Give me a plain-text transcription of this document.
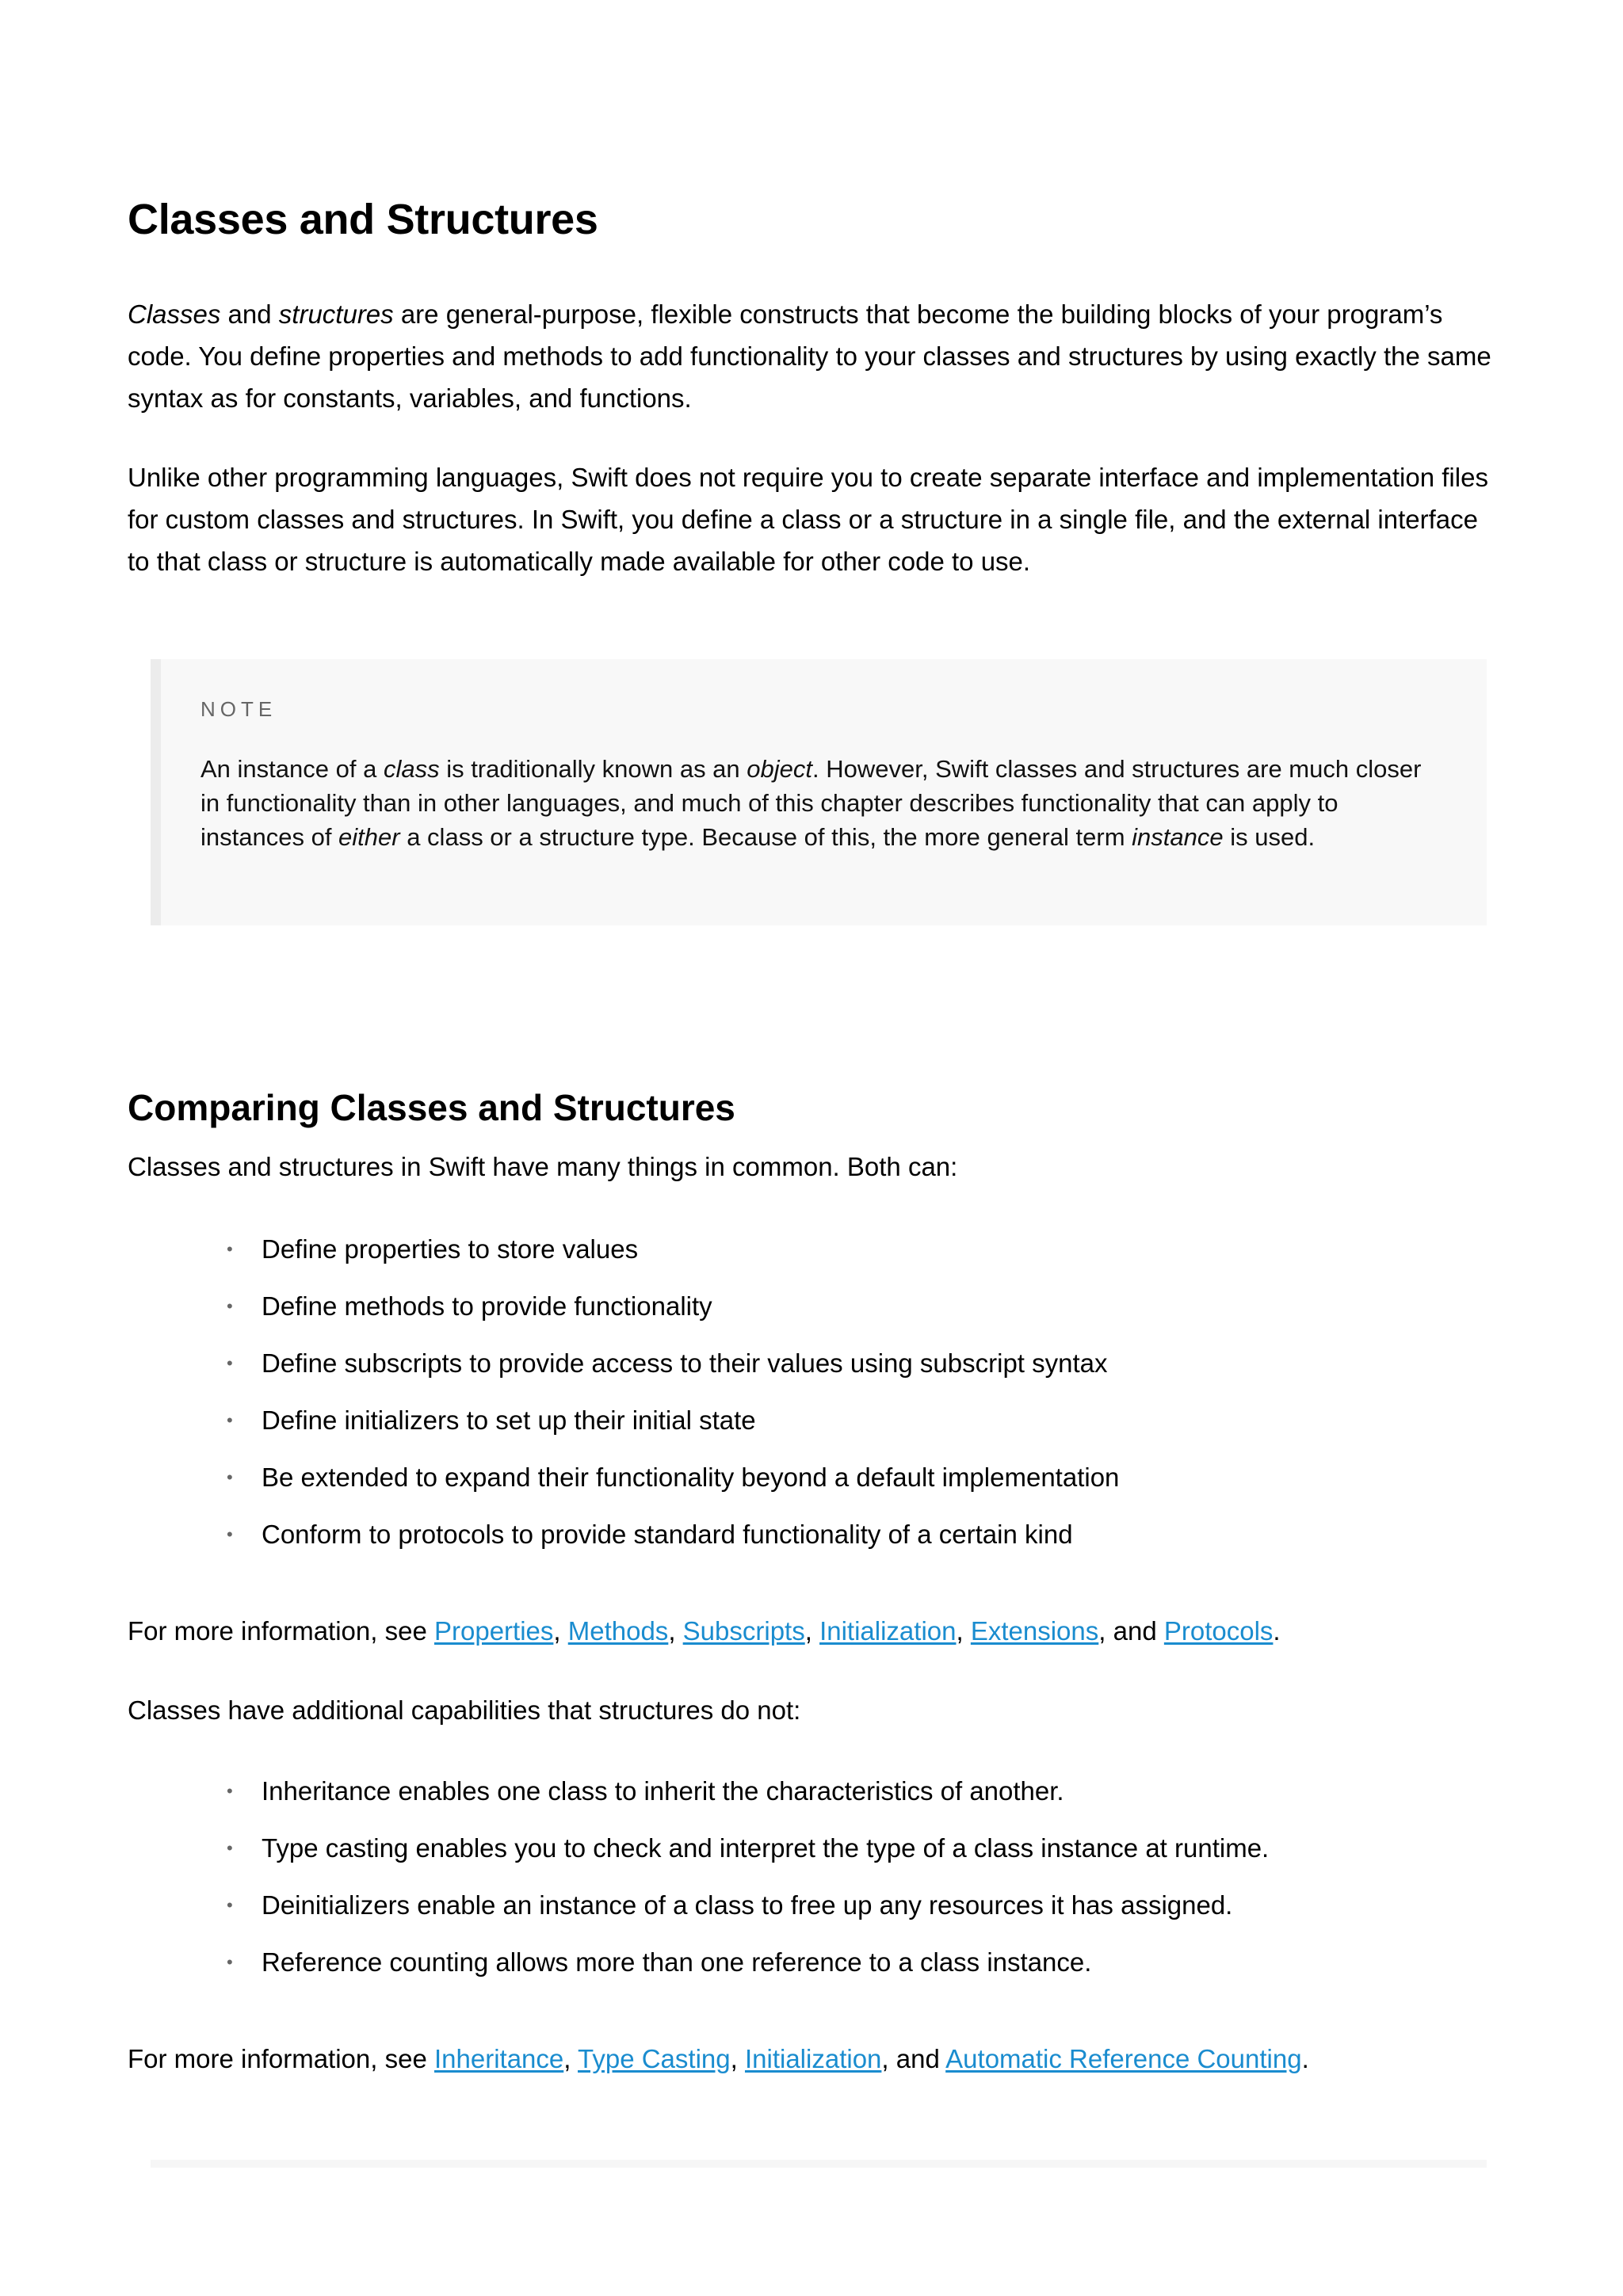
Classes and Structures

Classes and structures are general-purpose, flexible constructs that become the building blocks of your program’s code. You define properties and methods to add functionality to your classes and structures by using exactly the same syntax as for constants, variables, and functions.

Unlike other programming languages, Swift does not require you to create separate interface and implementation files for custom classes and structures. In Swift, you define a class or a structure in a single file, and the external interface to that class or structure is automatically made available for other code to use.

NOTE

An instance of a class is traditionally known as an object. However, Swift classes and structures are much closer in functionality than in other languages, and much of this chapter describes functionality that can apply to instances of either a class or a structure type. Because of this, the more general term instance is used.

Comparing Classes and Structures

Classes and structures in Swift have many things in common. Both can:

• Define properties to store values
• Define methods to provide functionality
• Define subscripts to provide access to their values using subscript syntax
• Define initializers to set up their initial state
• Be extended to expand their functionality beyond a default implementation
• Conform to protocols to provide standard functionality of a certain kind

For more information, see Properties, Methods, Subscripts, Initialization, Extensions, and Protocols.

Classes have additional capabilities that structures do not:

• Inheritance enables one class to inherit the characteristics of another.
• Type casting enables you to check and interpret the type of a class instance at runtime.
• Deinitializers enable an instance of a class to free up any resources it has assigned.
• Reference counting allows more than one reference to a class instance.

For more information, see Inheritance, Type Casting, Initialization, and Automatic Reference Counting.
